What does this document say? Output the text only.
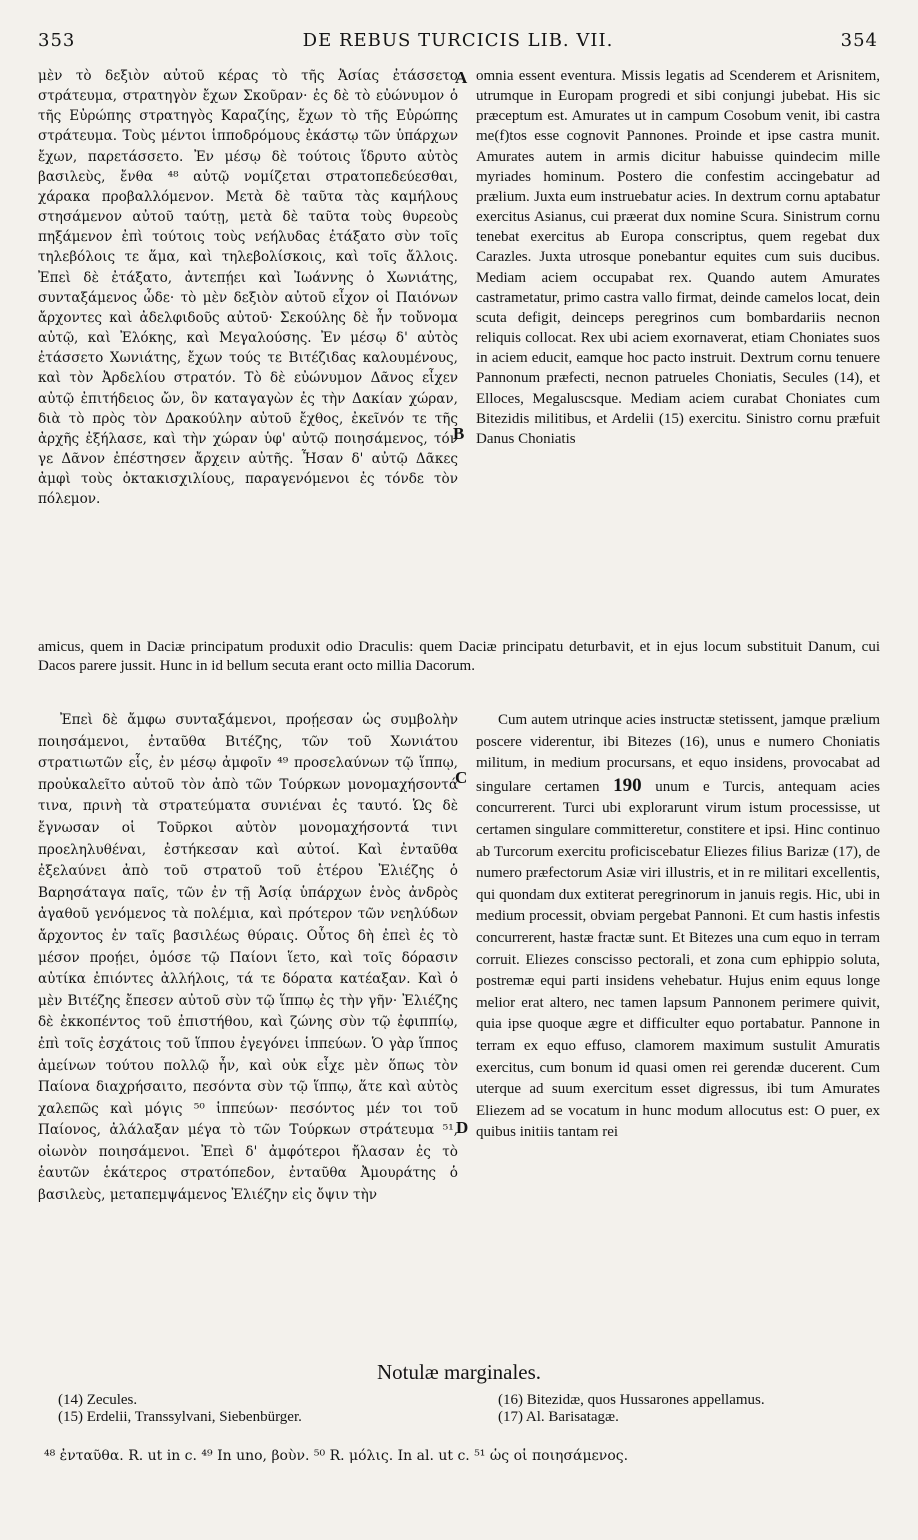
353	DE REBUS TURCICIS LIB. VII.	354

μὲν τὸ δεξιὸν αὐτοῦ κέρας τὸ τῆς Ἀσίας ἐτάσσετο στράτευμα, στρατηγὸν ἔχων Σκοῦραν· ἐς δὲ τὸ εὐώνυμον ὁ τῆς Εὐρώπης στρατηγὸς Καραζίης, ἔχων τὸ τῆς Εὐρώπης στράτευμα. Τοὺς μέντοι ἱπποδρόμους ἑκάστῳ τῶν ὑπάρχων ἔχων, παρετάσσετο. Ἐν μέσῳ δὲ τούτοις ἵδρυτο αὐτὸς βασιλεὺς, ἔνθα ⁴⁸ αὐτῷ νομίζεται στρατοπεδεύεσθαι, χάρακα προβαλλόμενον. Μετὰ δὲ ταῦτα τὰς καμήλους στησάμενον αὐτοῦ ταύτῃ, μετὰ δὲ ταῦτα τοὺς θυρεοὺς πηξάμενον ἐπὶ τούτοις τοὺς νεήλυδας ἐτάξατο σὺν τοῖς τηλεβόλοις τε ἅμα, καὶ τηλεβολίσκοις, καὶ τοῖς ἄλλοις. Ἐπεὶ δὲ ἐτάξατο, ἀντεπῄει καὶ Ἰωάννης ὁ Χωνιάτης, συνταξάμενος ὧδε· τὸ μὲν δεξιὸν αὐτοῦ εἶχον οἱ Παιόνων ἄρχοντες καὶ ἀδελφιδοῦς αὐτοῦ· Σεκούλης δὲ ἦν τοὔνομα αὐτῷ, καὶ Ἐλόκης, καὶ Μεγαλούσης. Ἐν μέσῳ δ' αὐτὸς ἐτάσσετο Χωνιάτης, ἔχων τούς τε Βιτέζιδας καλουμένους, καὶ τὸν Ἀρδελίου στρατόν. Τὸ δὲ εὐώνυμον Δᾶνος εἶχεν αὐτῷ ἐπιτήδειος ὤν, ὃν καταγαγὼν ἐς τὴν Δακίαν χώραν, διὰ τὸ πρὸς τὸν Δρακούλην αὐτοῦ ἔχθος, ἐκεῖνόν τε τῆς ἀρχῆς ἐξήλασε, καὶ τὴν χώραν ὑφ' αὐτῷ ποιησάμενος, τόν γε Δᾶνον ἐπέστησεν ἄρχειν αὐτῆς. Ἦσαν δ' αὐτῷ Δᾶκες ἀμφὶ τοὺς ὀκτακισχιλίους, παραγενόμενοι ἐς τόνδε τὸν πόλεμον.

omnia essent eventura. Missis legatis ad Scenderem et Arisnitem, utrumque in Europam progredi et sibi conjungi jubebat. His sic præceptum est. Amurates ut in campum Cosobum venit, ibi castra me(f)tos esse cognovit Pannones. Proinde et ipse castra munit. Amurates autem in armis dicitur habuisse quindecim mille myriades hominum. Postero die confestim accingebatur ad prælium. Juxta eum instruebatur acies. In dextrum cornu aptabatur exercitus Asianus, cui præerat dux nomine Scura. Sinistrum cornu tenebat exercitus ab Europa conscriptus, quem regebat dux Carazles. Juxta utrosque ponebantur equites cum suis ducibus. Mediam aciem occupabat rex. Quando autem Amurates castrametatur, primo castra vallo firmat, deinde camelos locat, dein scuta defigit, deinceps peregrinos cum bombardariis necnon reliquis collocat. Rex ubi aciem exornaverat, etiam Choniates suos in aciem educit, eamque hoc pacto instruit. Dextrum cornu tenuere Pannonum præfecti, necnon patrueles Choniatis, Secules (14), et Elloces, Megaluscsque. Mediam aciem curabat Choniates cum Bitezidis militibus, et Ardelii (15) exercitu. Sinistro cornu præfuit Danus Choniatis

A
B
amicus, quem in Daciæ principatum produxit odio Draculis: quem Daciæ principatu deturbavit, et in ejus locum substituit Danum, cui Dacos parere jussit. Hunc in id bellum secuta erant octo millia Dacorum.

Ἐπεὶ δὲ ἄμφω συνταξάμενοι, προῄεσαν ὡς συμβολὴν ποιησάμενοι, ἐνταῦθα Βιτέζης, τῶν τοῦ Χωνιάτου στρατιωτῶν εἷς, ἐν μέσῳ ἀμφοῖν ⁴⁹ προσελαύνων τῷ ἵππῳ, προὐκαλεῖτο αὐτοῦ τὸν ἀπὸ τῶν Τούρκων μονομαχήσοντά τινα, πρινὴ τὰ στρατεύματα συνιέναι ἐς ταυτό. Ὡς δὲ ἔγνωσαν οἱ Τοῦρκοι αὐτὸν μονομαχήσοντά τινι προεληλυθέναι, ἐστήκεσαν καὶ αὐτοί. Καὶ ἐνταῦθα ἐξελαύνει ἀπὸ τοῦ στρατοῦ τοῦ ἑτέρου Ἐλιέζης ὁ Βαρησάταγα παῖς, τῶν ἐν τῇ Ἀσίᾳ ὑπάρχων ἑνὸς ἀνδρὸς ἀγαθοῦ γενόμενος τὰ πολέμια, καὶ πρότερον τῶν νεηλύδων ἄρχοντος ἐν ταῖς βασιλέως θύραις. Οὗτος δὴ ἐπεὶ ἐς τὸ μέσον προῄει, ὁμόσε τῷ Παίονι ἵετο, καὶ τοῖς δόρασιν αὐτίκα ἐπιόντες ἀλλήλοις, τά τε δόρατα κατέαξαν. Καὶ ὁ μὲν Βιτέζης ἔπεσεν αὐτοῦ σὺν τῷ ἵππῳ ἐς τὴν γῆν· Ἐλιέζης δὲ ἐκκοπέντος τοῦ ἐπιστήθου, καὶ ζώνης σὺν τῷ ἐφιππίῳ, ἐπὶ τοῖς ἐσχάτοις τοῦ ἵππου ἐγεγόνει ἱππεύων. Ὁ γὰρ ἵππος ἀμείνων τούτου πολλῷ ἦν, καὶ οὐκ εἶχε μὲν ὅπως τὸν Παίονα διαχρήσαιτο, πεσόντα σὺν τῷ ἵππῳ, ἅτε καὶ αὐτὸς χαλεπῶς καὶ μόγις ⁵⁰ ἱππεύων· πεσόντος μέν τοι τοῦ Παίονος, ἀλάλαξαν μέγα τὸ τῶν Τούρκων στράτευμα ⁵¹, οἰωνὸν ποιησάμενοι. Ἐπεὶ δ' ἀμφότεροι ἤλασαν ἐς τὸ ἑαυτῶν ἑκάτερος στρατόπεδον, ἐνταῦθα Ἀμουράτης ὁ βασιλεὺς, μεταπεμψάμενος Ἐλιέζην εἰς ὄψιν τὴν

Cum autem utrinque acies instructæ stetissent, jamque prælium poscere viderentur, ibi Bitezes (16), unus e numero Choniatis militum, in medium procursans, et equo insidens, provocabat ad singulare certamen 190 unum e Turcis, antequam acies concurrerent. Turci ubi explorarunt virum istum processisse, ut certamen singulare committeretur, constitere et ipsi. Hinc continuo ab Turcorum exercitu proficiscebatur Eliezes filius Barizæ (17), de numero præfectorum Asiæ viri illustris, et in re militari excellentis, qui quondam dux extiterat peregrinorum in januis regis. Hic, ubi in medium processit, obviam pergebat Pannoni. Et cum hastis infestis concurrerent, hastæ fractæ sunt. Et Bitezes una cum equo in terram corruit. Eliezes conscisso pectorali, et zona cum ephippio soluta, postremæ equi parti insidens vehebatur. Hujus enim equus longe melior erat altero, nec tamen lapsum Pannonem perimere quivit, quia ipse quoque ægre et difficulter equo portabatur. Pannone in terram ex equo effuso, clamorem maximum sustulit Amuratis exercitus, cum bonum id quasi omen rei gerendæ ducerent. Cum uterque ad suum exercitum esset digressus, ibi tum Amurates Eliezem ad se vocatum in hunc modum allocutus est: O puer, ex quibus initiis tantam rei

C
D
Notulæ marginales.
(14) Zecules.
(15) Erdelii, Transsylvani, Siebenbürger.
(16) Bitezidæ, quos Hussarones appellamus.
(17) Al. Barisatagæ.
⁴⁸ ἐνταῦθα. R. ut in c. ⁴⁹ In uno, βοὺν. ⁵⁰ R. μόλις. In al. ut c. ⁵¹ ὡς οἱ ποιησάμενος.
